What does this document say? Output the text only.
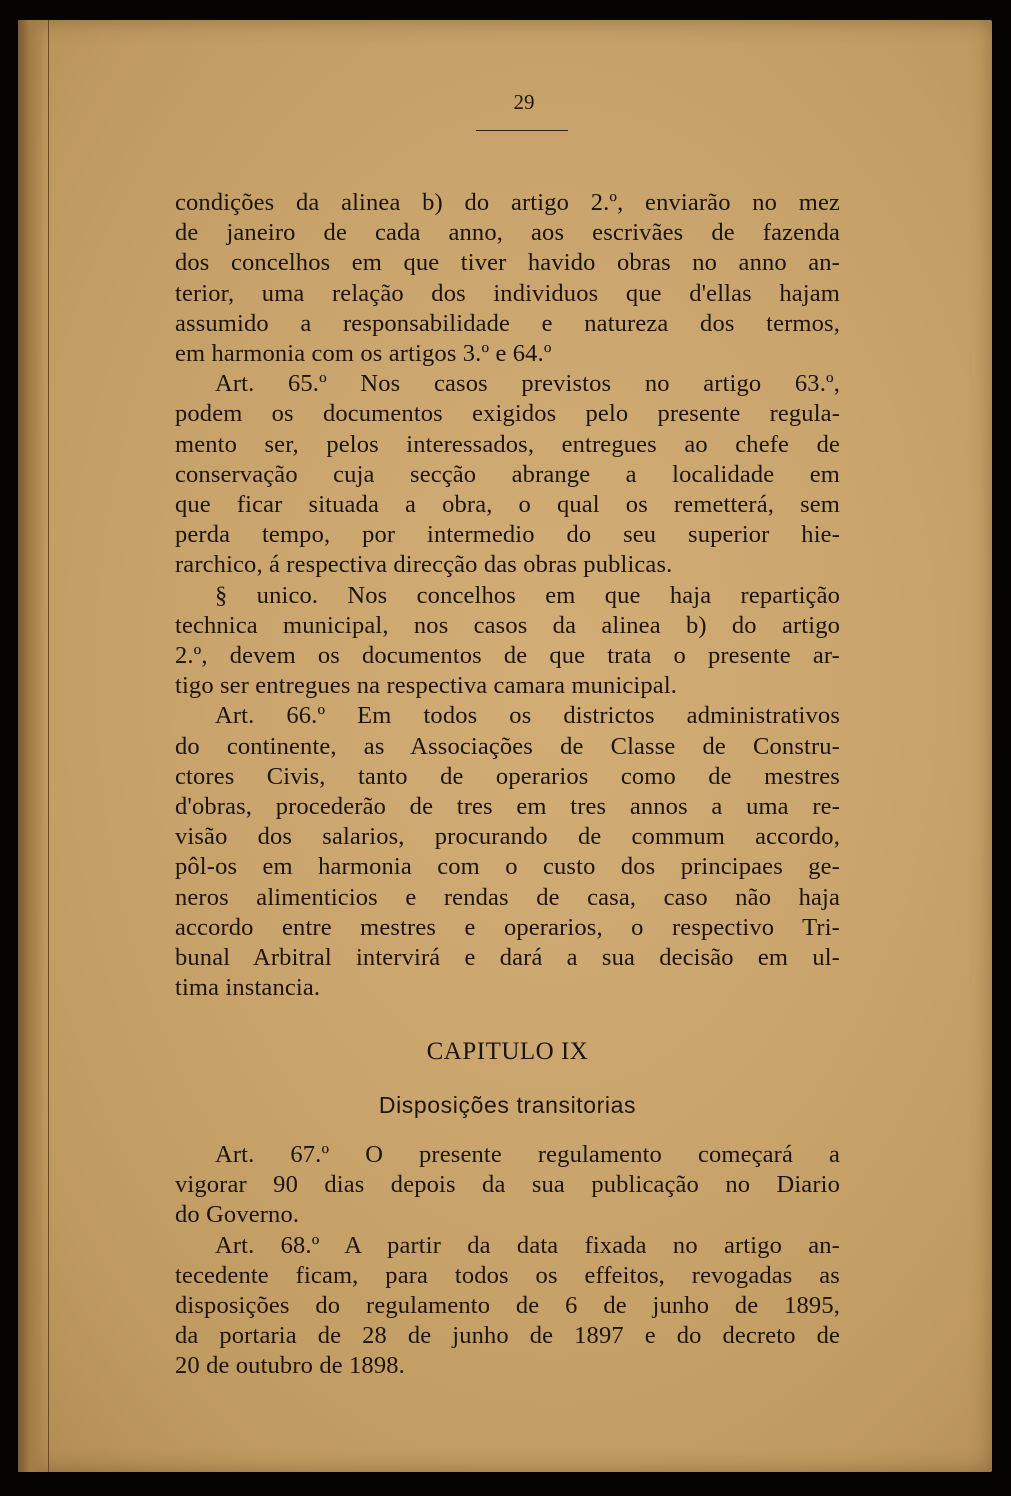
29
condições da alinea b) do artigo 2.º, enviarão no mez
de janeiro de cada anno, aos escrivães de fazenda
dos concelhos em que tiver havido obras no anno an-
terior, uma relação dos individuos que d'ellas hajam
assumido a responsabilidade e natureza dos termos,
em harmonia com os artigos 3.º e 64.º
Art. 65.º Nos casos previstos no artigo 63.º,
podem os documentos exigidos pelo presente regula-
mento ser, pelos interessados, entregues ao chefe de
conservação cuja secção abrange a localidade em
que ficar situada a obra, o qual os remetterá, sem
perda tempo, por intermedio do seu superior hie-
rarchico, á respectiva direcção das obras publicas.
§ unico. Nos concelhos em que haja repartição
technica municipal, nos casos da alinea b) do artigo
2.º, devem os documentos de que trata o presente ar-
tigo ser entregues na respectiva camara municipal.
Art. 66.º Em todos os districtos administrativos
do continente, as Associações de Classe de Constru-
ctores Civis, tanto de operarios como de mestres
d'obras, procederão de tres em tres annos a uma re-
visão dos salarios, procurando de commum accordo,
pôl-os em harmonia com o custo dos principaes ge-
neros alimenticios e rendas de casa, caso não haja
accordo entre mestres e operarios, o respectivo Tri-
bunal Arbitral intervirá e dará a sua decisão em ul-
tima instancia.
CAPITULO IX
Disposições transitorias
Art. 67.º O presente regulamento começará a
vigorar 90 dias depois da sua publicação no Diario
do Governo.
Art. 68.º A partir da data fixada no artigo an-
tecedente ficam, para todos os effeitos, revogadas as
disposições do regulamento de 6 de junho de 1895,
da portaria de 28 de junho de 1897 e do decreto de
20 de outubro de 1898.
